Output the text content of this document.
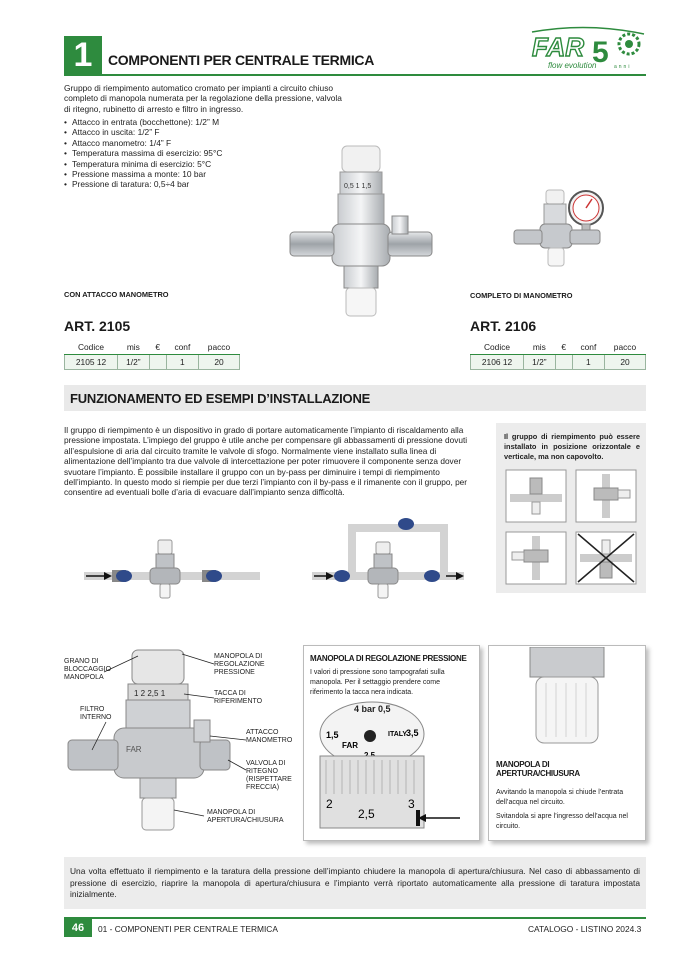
1	COMPONENTI PER CENTRALE TERMICA	FAR 5
flow evolution	anni
Gruppo di riempimento automatico cromato per impianti a circuito chiuso completo di manopola numerata per la regolazione della pressione, valvola di ritegno, rubinetto di arresto e filtro in ingresso.
• Attacco in entrata (bocchettone): 1/2” M
• Attacco in uscita: 1/2” F
• Attacco manometro: 1/4” F
• Temperatura massima di esercizio: 95°C
• Temperatura minima di esercizio: 5°C
• Pressione massima a monte: 10 bar
• Pressione di taratura: 0,5÷4 bar	0,5 1 1,5
CON ATTACCO MANOMETRO
ART. 2105
Codice	mis	€	conf	pacco
2105 12	1/2”		1	20
COMPLETO DI MANOMETRO
ART. 2106
Codice	mis	€	conf	pacco
2106 12	1/2”		1	20
FUNZIONAMENTO ED ESEMPI D’INSTALLAZIONE
Il gruppo di riempimento è un dispositivo in grado di portare automaticamente l’impianto di riscaldamento alla pressione impostata. L’impiego del gruppo è utile anche per compensare gli abbassamenti di pressione dovuti all’espulsione di aria dal circuito tramite le valvole di sfogo. Normalmente viene installato sulla linea di alimentazione dell’impianto tra due valvole di intercettazione per poter rimuovere il componente senza dover svuotare l’impianto. È possibile installare il gruppo con un by-pass per diminuire i tempi di riempimento dell’impianto. In questo modo si riempie per due terzi l’impianto con il by-pass e il rimanente con il gruppo, per consentire ad eventuali bolle d’aria di evacuare dall’impianto senza difficoltà.
Il gruppo di riempimento può essere installato in posizione orizzontale e verticale, ma non capovolto.
1 2 2,5 1
FAR
GRANO DI BLOCCAGGIO MANOPOLA
MANOPOLA DI REGOLAZIONE PRESSIONE
TACCA DI RIFERIMENTO
FILTRO INTERNO
ATTACCO MANOMETRO
VALVOLA DI RITEGNO (RISPETTARE FRECCIA)
MANOPOLA DI APERTURA/CHIUSURA
MANOPOLA DI REGOLAZIONE PRESSIONE
I valori di pressione sono tampografati sulla manopola. Per il settaggio prendere come riferimento la tacca nera indicata.
4 bar 0,5
1,5
FAR
ITALY
3,5
2
2,5
3
MANOPOLA DI APERTURA/CHIUSURA
Avvitando la manopola si chiude l’entrata dell’acqua nel circuito.
Svitandola si apre l’ingresso dell’acqua nel circuito.
Una volta effettuato il riempimento e la taratura della pressione dell’impianto chiudere la manopola di apertura/chiusura. Nel caso di abbassamento di pressione di esercizio, riaprire la manopola di apertura/chiusura e l’impianto verrà riportato automaticamente alla pressione di taratura impostata inizialmente.
46	01 - COMPONENTI PER CENTRALE TERMICA	CATALOGO - LISTINO 2024.3
